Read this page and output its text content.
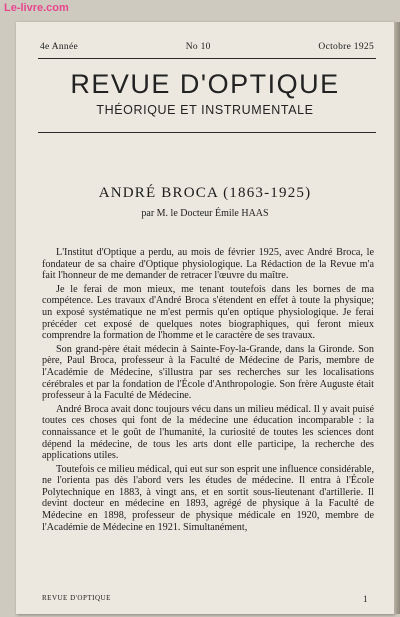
Le-livre.com
4e Année	No 10	Octobre 1925
REVUE D'OPTIQUE
THÉORIQUE ET INSTRUMENTALE
ANDRÉ BROCA (1863-1925)
par M. le Docteur Émile HAAS

L'Institut d'Optique a perdu, au mois de février 1925, avec André Broca, le fondateur de sa chaire d'Optique physiologique. La Rédaction de la Revue m'a fait l'honneur de me demander de retracer l'œuvre du maître.

Je le ferai de mon mieux, me tenant toutefois dans les bornes de ma compétence. Les travaux d'André Broca s'étendent en effet à toute la physique; un exposé systématique ne m'est permis qu'en optique physiologique. Je ferai précéder cet exposé de quelques notes biographiques, qui feront mieux comprendre la formation de l'homme et le caractère de ses travaux.

Son grand-père était médecin à Sainte-Foy-la-Grande, dans la Gironde. Son père, Paul Broca, professeur à la Faculté de Médecine de Paris, membre de l'Académie de Médecine, s'illustra par ses recherches sur les localisations cérébrales et par la fondation de l'École d'Anthropologie. Son frère Auguste était professeur à la Faculté de Médecine.

André Broca avait donc toujours vécu dans un milieu médical. Il y avait puisé toutes ces choses qui font de la médecine une éducation incomparable : la connaissance et le goût de l'humanité, la curiosité de toutes les sciences dont dépend la médecine, de tous les arts dont elle participe, la recherche des applications utiles.

Toutefois ce milieu médical, qui eut sur son esprit une influence considérable, ne l'orienta pas dès l'abord vers les études de médecine. Il entra à l'École Polytechnique en 1883, à vingt ans, et en sortit sous-lieutenant d'artillerie. Il devint docteur en médecine en 1893, agrégé de physique à la Faculté de Médecine en 1898, professeur de physique médicale en 1920, membre de l'Académie de Médecine en 1921. Simultanément,

REVUE D'OPTIQUE	1
